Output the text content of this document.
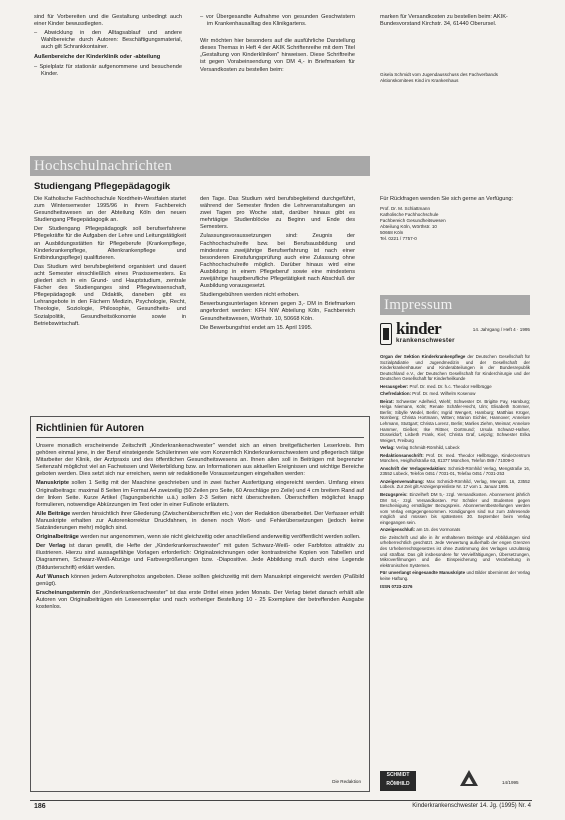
sind für Vorbereiten und die Gestaltung unbedingt auch einer Kinder bewusstlegten.

– Abwicklung in den Alltagsablauf und andere Wahlbereiche durch Autoren: Beschäftigungsmaterial, auch gilt Schrankkontainer.

Außenbereiche der Kinderklinik oder -abteilung

– Spielplatz für stationär aufgenommene und besuchende Kinder.
– vor Übergesandte Aufnahme von gesunden Geschwistern im Krankenhausalltag des Klinikgartens.

Wir möchten hier besonders auf die ausführliche Darstellung dieses Themas in Heft 4 der AKIK Schriftenreihe mit dem Titel „Gestaltung von Kinderkliniken" hinweisen. Diese Schriftreihe ist gegen Vorabeinsendung von DM 4,- in Briefmarken für Versandkosten zu bestellen beim:

marken für Versandkosten zu bestellen beim: AKIK-Bundesvorstand Kirchstr. 34, 61440 Oberursel.

Gisela Schmidt vom Jugendausschuss des Fachverbands Aktionskomitees Kind im Krankenhaus

Hochschulnachrichten
Studiengang Pflegepädagogik

Die Katholische Fachhochschule Nordrhein-Westfalen startet zum Wintersemester 1995/96 in ihrem Fachbereich Gesundheitswesen an der Abteilung Köln den neuen Studiengang Pflegepädagogik an.

Der Studiengang Pflegepädagogik soll berufserfahrene Pflegekräfte für die Aufgaben der Lehre und Leitungstätigkeit an Ausbildungsstätten für Pflegeberufe (Krankenpflege, Kinderkrankenpflege, Altenkrankenpflege und Entbindungspflege) qualifizieren.

Das Studium wird berufsbegleitend organisiert und dauert acht Semester einschließlich eines Praxissemesters. Es gliedert sich in ein Grund- und Hauptstudium, zentrale Fächer des Studienganges sind Pflegewissenschaft, Pflegepädagogik und Didaktik, daneben gibt es Lehrangebote in den Fächern Medizin, Psychologie, Recht, Theologie, Soziologie, Philosophie, Gesundheits- und Sozialpolitik, Gesundheitsökonomie sowie in Betriebswirtschaft.

den Tage. Das Studium wird berufsbegleitend durchgeführt, während der Semester finden die Lehrveranstaltungen an zwei Tagen pro Woche statt, darüber hinaus gibt es mehrtägige Studienblöcke zu Beginn und Ende des Semesters.

Zulassungsvoraussetzungen sind: Zeugnis der Fachhochschulreife bzw. bei Berufsausbildung und mindestens zweijährige Berufserfahrung ist nach einer besonderen Einstufungsprüfung auch eine Zulassung ohne Fachhochschulreife möglich. Darüber hinaus wird eine Ausbildung in einem Pflegeberuf sowie eine mindestens zweijährige hauptberufliche Pflegetätigkeit nach Abschluß der Ausbildung vorausgesetzt.

Studiengebühren werden nicht erhoben.

Bewerbungsunterlagen können gegen 3,- DM in Briefmarken angefordert werden: KFH NW Abteilung Köln, Fachbereich Gesundheitswesen, Wörthstr. 10, 50668 Köln.

Die Bewerbungsfrist endet am 15. April 1995.

Für Rückfragen wenden Sie sich gerne an Verfügung:

Prof. Dr. M. Schlattmann
Katholische Fachhochschule
Fachbereich Gesundheitswesen
Abteilung Köln, Wörthstr. 10
50668 Köln
Tel. 0221 / 7757-0
Richtlinien für Autoren

Unsere monatlich erscheinende Zeitschrift „Kinderkrankenschwester" wendet sich an einen breitgefächerten Leserkreis. Ihm gehören einmal jene, in der Beruf einsteigende Schülerinnen wie vom Konzernlich Kinderkrankenschwestern und pflegerisch tätige Mitarbeiter der Klinik, der Arztpraxis und des öffentlichen Gesundheitswesens an. Ihnen allen soll in Beiträgen mit begrenzter Seitenzahl möglichst viel an Fachwissen und Weiterbildung bzw. an Informationen aus aktuellen Ereignissen und wichtige Bereiche geboten werden. Dies setzt sich nur erreichen, wenn wir redaktionelle Voraussetzungen eingehalten werden:

Manuskripte sollen 1 Seitig mit der Maschine geschrieben und in zwei facher Ausfertigung eingereicht werden. Umfang eines Originalbeitrags: maximal 8 Seiten im Format A4 zweizeilig (50 Zeilen pro Seite, 60 Anschläge pro Zeile) und 4 cm breitem Rand auf der linken Seite. Kurze Artikel (Tagungsberichte u.ä.) sollen 2-3 Seiten nicht überschreiten. Überschriften möglichst knapp formulieren, notwendige Abkürzungen im Text oder in einer Fußnote erläutern.

Alle Beiträge werden hinsichtlich ihrer Gliederung (Zwischenüberschriften etc.) von der Redaktion überarbeitet. Der Verfasser erhält Manuskripte erhalten zur Autorenkorrektur Druckfahnen, in denen noch Wort- und Fehlerübersetzungen (jedoch keine Satzänderungen mehr) möglich sind.

Originalbeiträge werden nur angenommen, wenn sie nicht gleichzeitig oder anschließend anderweitig veröffentlicht werden sollen.

Der Verlag ist daran gewillt, die Hefte der „Kinderkrankenschwester" mit guten Schwarz-Weiß- oder Farbfotos attraktiv zu illustrieren. Hierzu sind aussagefähige Vorlagen erforderlich: Originalzeichnungen oder kontrastreiche Kopien von Tabellen und Diagrammen, Schwarz-Weiß-Abzüge und Farbvergrößerungen bzw. -Diapositive. Jede Abbildung muß durch eine Legende (Bildunterschrift) erklärt werden.

Auf Wunsch können jedem Autorenphotos angeboten. Diese sollten gleichzeitig mit dem Manuskript eingereicht werden (Paßbild genügt).

Erscheinungstermin der „Kinderkrankenschwester" ist das erste Drittel eines jeden Monats. Der Verlag bietet danach erhält alle Autoren von Originalbeiträgen ein Leseexemplar und nach vorheriger Bestellung 10 - 25 Exemplare der betreffenden Ausgabe kostenlos.

Die Redaktion
Impressum
kinder
krankenschwester
14. Jahrgang / Heft 4 · 1995

Organ der Sektion Kinderkrankenpflege der Deutschen Gesellschaft für Sozialpädiatrie und Jugendmedizin und der Gesellschaft der Kinderkrankenhäuser und Kinderabteilungen in der Bundesrepublik Deutschland e.V., der Deutschen Gesellschaft für Kinderchirurgie und der Deutschen Gesellschaft für Kinderheilkunde

Herausgeber: Prof. Dr. med. Dr. h.c. Theodor Hellbrügge

Chefredaktion: Prof. Dr. med. Wilhelm Kosenow

Beirat: Schwester Adelheid, Wiehl; Schwester Dr. Brigitte Fay, Hamburg; Helga Niemann, Köln; Renate Schäfer-Hecht, Ulm; Elisabeth Sommer, Berlin; Sibylle Wedel, Berlin; Ingrid Wengert, Hamburg; Matthias Krüger, Nürnberg; Christa Hortmann, Witten; Marion Eichler, Hannover; Annelore Lehmann, Stuttgart; Christa Lorenz, Berlin; Marlies Ziehm, Weimar; Annelore Hammer, Gießen; Ilse Rittner, Dortmund; Ursula Schwarz-Hafner, Düsseldorf; Lisbeth Frank, Kiel; Christa Graf, Leipzig; Schwester Erika Weigert, Freiburg

Verlag: Verlag Schmidt-Römhild, Lübeck

Redaktionsanschrift: Prof. Dr. med. Theodor Hellbrügge, Kinderzentrum München, Heiglhofstraße 63, 81377 München, Telefon 089 / 71009-0

Anschrift der Verlagsredaktion: Schmidt-Römhild Verlag, Mengstraße 16, 23552 Lübeck, Telefon 0451 / 7031-01, Telefax 0451 / 7031-253

Anzeigenverwaltung: Max Schmidt-Römhild, Verlag, Mengstr. 16, 23552 Lübeck. Zur Zeit gilt Anzeigenpreisliste Nr. 17 vom 1. Januar 1995.

Bezugspreis: Einzelheft DM 5,- zzgl. Versandkosten. Abonnement jährlich DM 54,- zzgl. Versandkosten. Für Schüler und Studenten gegen Bescheinigung ermäßigter Bezugspreis. Abonnementbestellungen werden vom Verlag entgegengenommen. Kündigungen sind nur zum Jahresende möglich und müssen bis spätestens 30. September beim Verlag eingegangen sein.

Anzeigenschluß: am 15. des Vormonats

Die Zeitschrift und alle in ihr enthaltenen Beiträge und Abbildungen sind urheberrechtlich geschützt. Jede Verwertung außerhalb der engen Grenzen des Urheberrechtsgesetzes ist ohne Zustimmung des Verlages unzulässig und strafbar. Das gilt insbesondere für Vervielfältigungen, Übersetzungen, Mikroverfilmungen und die Einspeicherung und Verarbeitung in elektronischen Systemen.

Für unverlangt eingesandte Manuskripte und Bilder übernimmt der Verlag keine Haftung.

ISSN 0723-2276

SCHMIDT
RÖMHILD	14/1995
186	Kinderkrankenschwester 14. Jg. (1995) Nr. 4
